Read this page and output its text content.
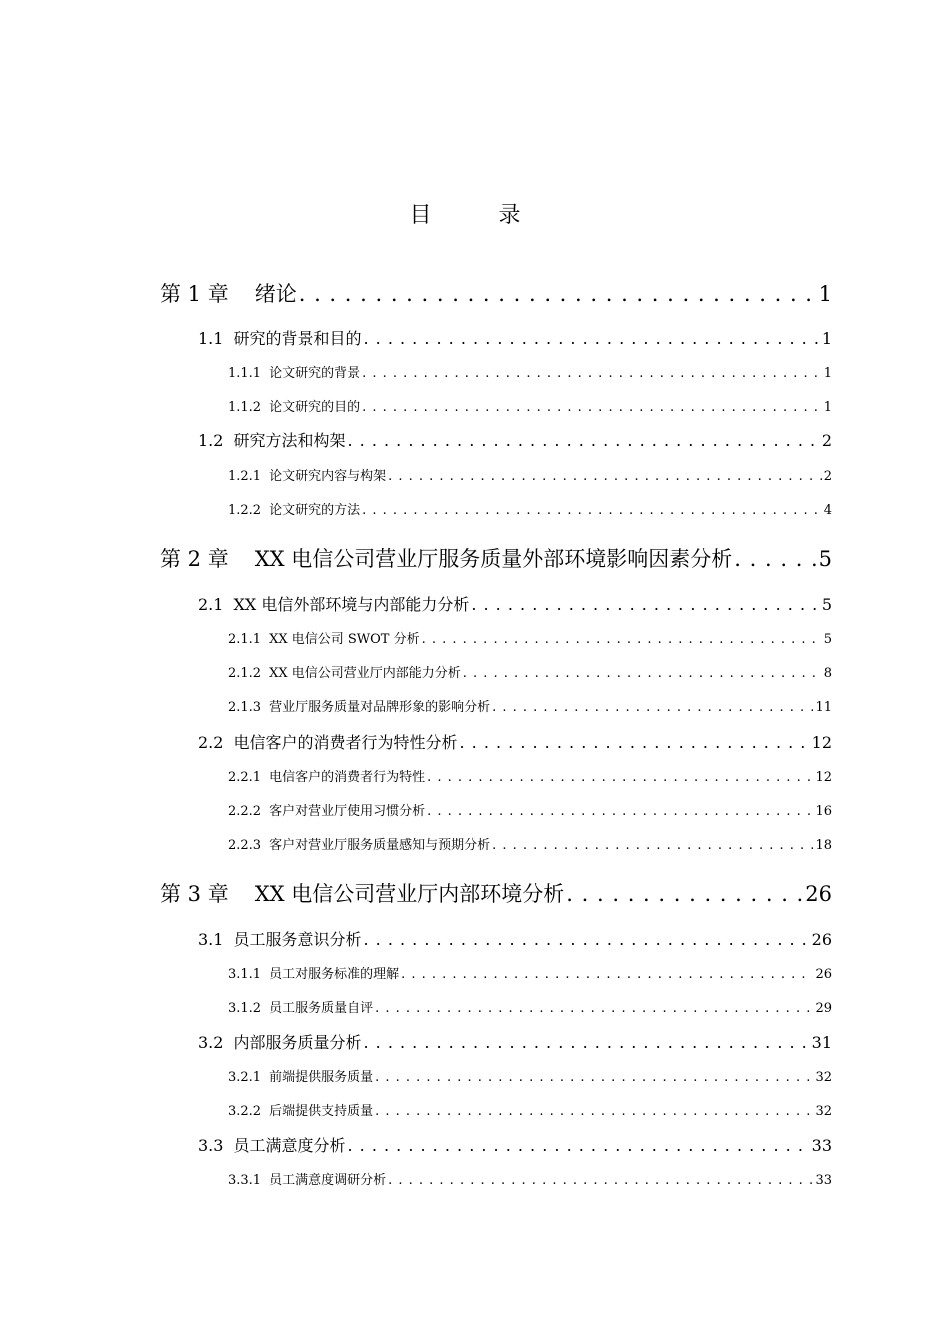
目 录
第 1 章 绪论 . . .	1
1.1 研究的背景和目的 . . .	1
1.1.1 论文研究的背景 . . .	1
1.1.2 论文研究的目的 . . .	1
1.2 研究方法和构架 . . .	2
1.2.1 论文研究内容与构架 . . .	2
1.2.2 论文研究的方法 . . .	4
第 2 章 XX 电信公司营业厅服务质量外部环境影响因素分析 . . .	5
2.1 XX 电信外部环境与内部能力分析 . . .	5
2.1.1 XX 电信公司 SWOT 分析 . . .	5
2.1.2 XX 电信公司营业厅内部能力分析 . . .	8
2.1.3 营业厅服务质量对品牌形象的影响分析 . . .	11
2.2 电信客户的消费者行为特性分析 . . .	12
2.2.1 电信客户的消费者行为特性 . . .	12
2.2.2 客户对营业厅使用习惯分析 . . .	16
2.2.3 客户对营业厅服务质量感知与预期分析 . . .	18
第 3 章 XX 电信公司营业厅内部环境分析 . . .	26
3.1 员工服务意识分析 . . .	26
3.1.1 员工对服务标准的理解 . . .	26
3.1.2 员工服务质量自评 . . .	29
3.2 内部服务质量分析 . . .	31
3.2.1 前端提供服务质量 . . .	32
3.2.2 后端提供支持质量 . . .	32
3.3 员工满意度分析 . . .	33
3.3.1 员工满意度调研分析 . . .	33
